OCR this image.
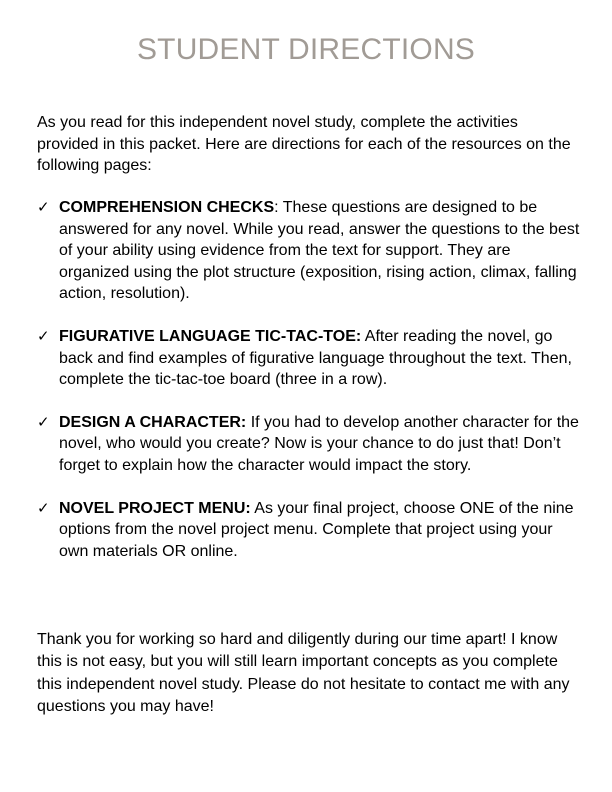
STUDENT DIRECTIONS

As you read for this independent novel study, complete the activities provided in this packet. Here are directions for each of the resources on the following pages:

✓ COMPREHENSION CHECKS: These questions are designed to be answered for any novel. While you read, answer the questions to the best of your ability using evidence from the text for support. They are organized using the plot structure (exposition, rising action, climax, falling action, resolution).
✓ FIGURATIVE LANGUAGE TIC-TAC-TOE: After reading the novel, go back and find examples of figurative language throughout the text. Then, complete the tic-tac-toe board (three in a row).
✓ DESIGN A CHARACTER: If you had to develop another character for the novel, who would you create? Now is your chance to do just that! Don’t forget to explain how the character would impact the story.
✓ NOVEL PROJECT MENU: As your final project, choose ONE of the nine options from the novel project menu. Complete that project using your own materials OR online.

Thank you for working so hard and diligently during our time apart! I know this is not easy, but you will still learn important concepts as you complete this independent novel study. Please do not hesitate to contact me with any questions you may have!
